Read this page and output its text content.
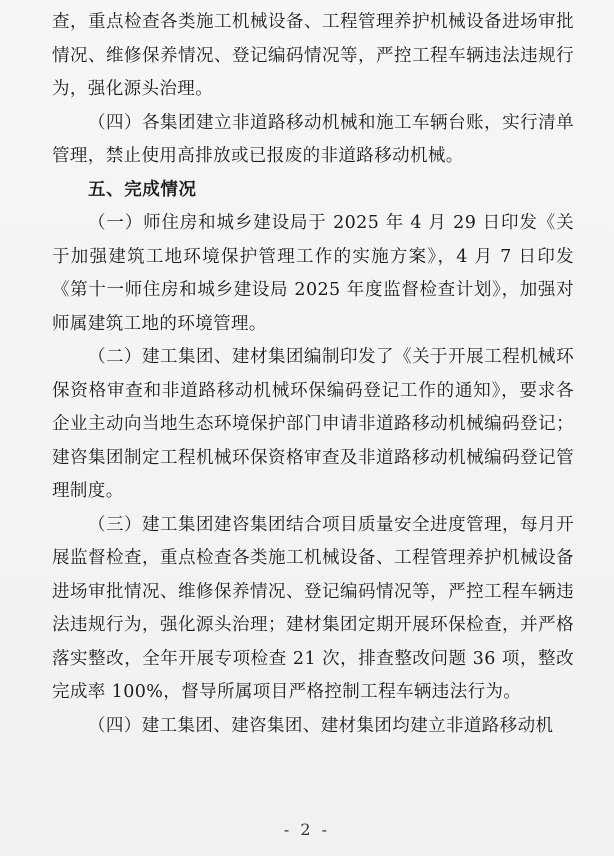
查，重点检查各类施工机械设备、工程管理养护机械设备进场审批情况、维修保养情况、登记编码情况等，严控工程车辆违法违规行为，强化源头治理。

（四）各集团建立非道路移动机械和施工车辆台账，实行清单管理，禁止使用高排放或已报废的非道路移动机械。

五、完成情况

（一）师住房和城乡建设局于 2025 年 4 月 29 日印发《关于加强建筑工地环境保护管理工作的实施方案》，4 月 7 日印发《第十一师住房和城乡建设局 2025 年度监督检查计划》，加强对师属建筑工地的环境管理。

（二）建工集团、建材集团编制印发了《关于开展工程机械环保资格审查和非道路移动机械环保编码登记工作的通知》，要求各企业主动向当地生态环境保护部门申请非道路移动机械编码登记；建咨集团制定工程机械环保资格审查及非道路移动机械编码登记管理制度。

（三）建工集团建咨集团结合项目质量安全进度管理，每月开展监督检查，重点检查各类施工机械设备、工程管理养护机械设备进场审批情况、维修保养情况、登记编码情况等，严控工程车辆违法违规行为，强化源头治理；建材集团定期开展环保检查，并严格落实整改，全年开展专项检查 21 次，排查整改问题 36 项，整改完成率 100%，督导所属项目严格控制工程车辆违法行为。

（四）建工集团、建咨集团、建材集团均建立非道路移动机

- 2 -
